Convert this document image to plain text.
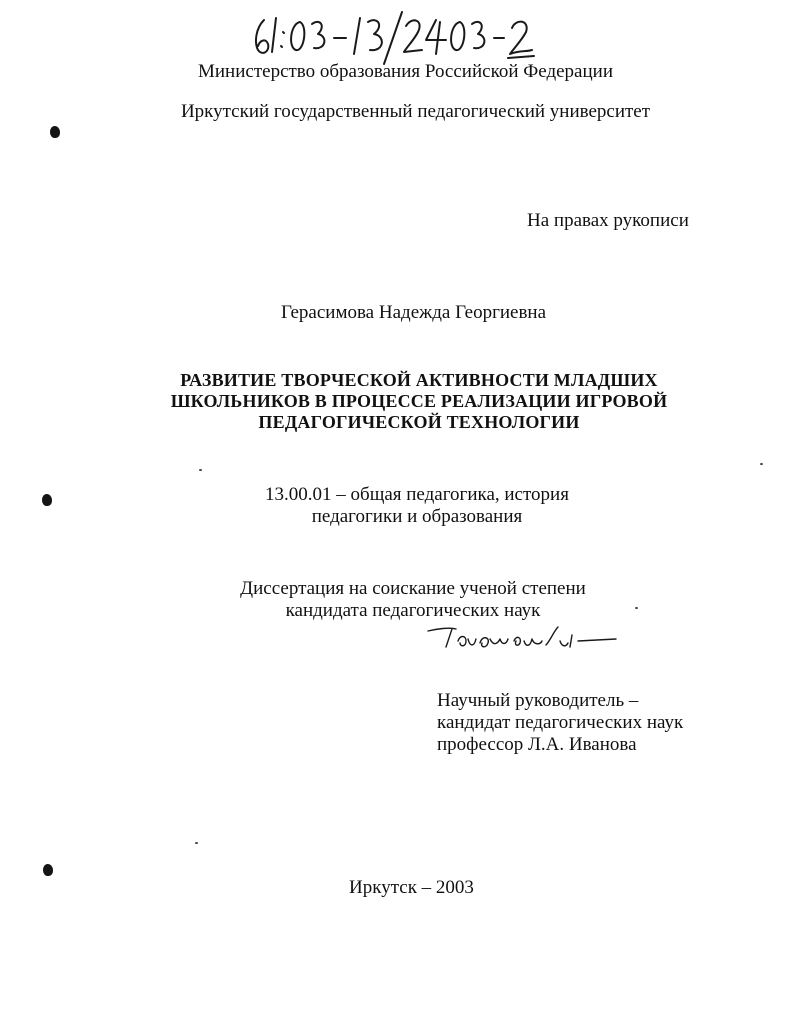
Министерство образования Российской Федерации
Иркутский государственный педагогический университет
На правах рукописи
Герасимова Надежда Георгиевна
РАЗВИТИЕ ТВОРЧЕСКОЙ АКТИВНОСТИ МЛАДШИХ
ШКОЛЬНИКОВ В ПРОЦЕССЕ РЕАЛИЗАЦИИ ИГРОВОЙ
ПЕДАГОГИЧЕСКОЙ ТЕХНОЛОГИИ
13.00.01 – общая педагогика, история
педагогики и образования
Диссертация на соискание ученой степени
кандидата педагогических наук
Научный руководитель –
кандидат педагогических наук
профессор Л.А. Иванова
Иркутск – 2003
